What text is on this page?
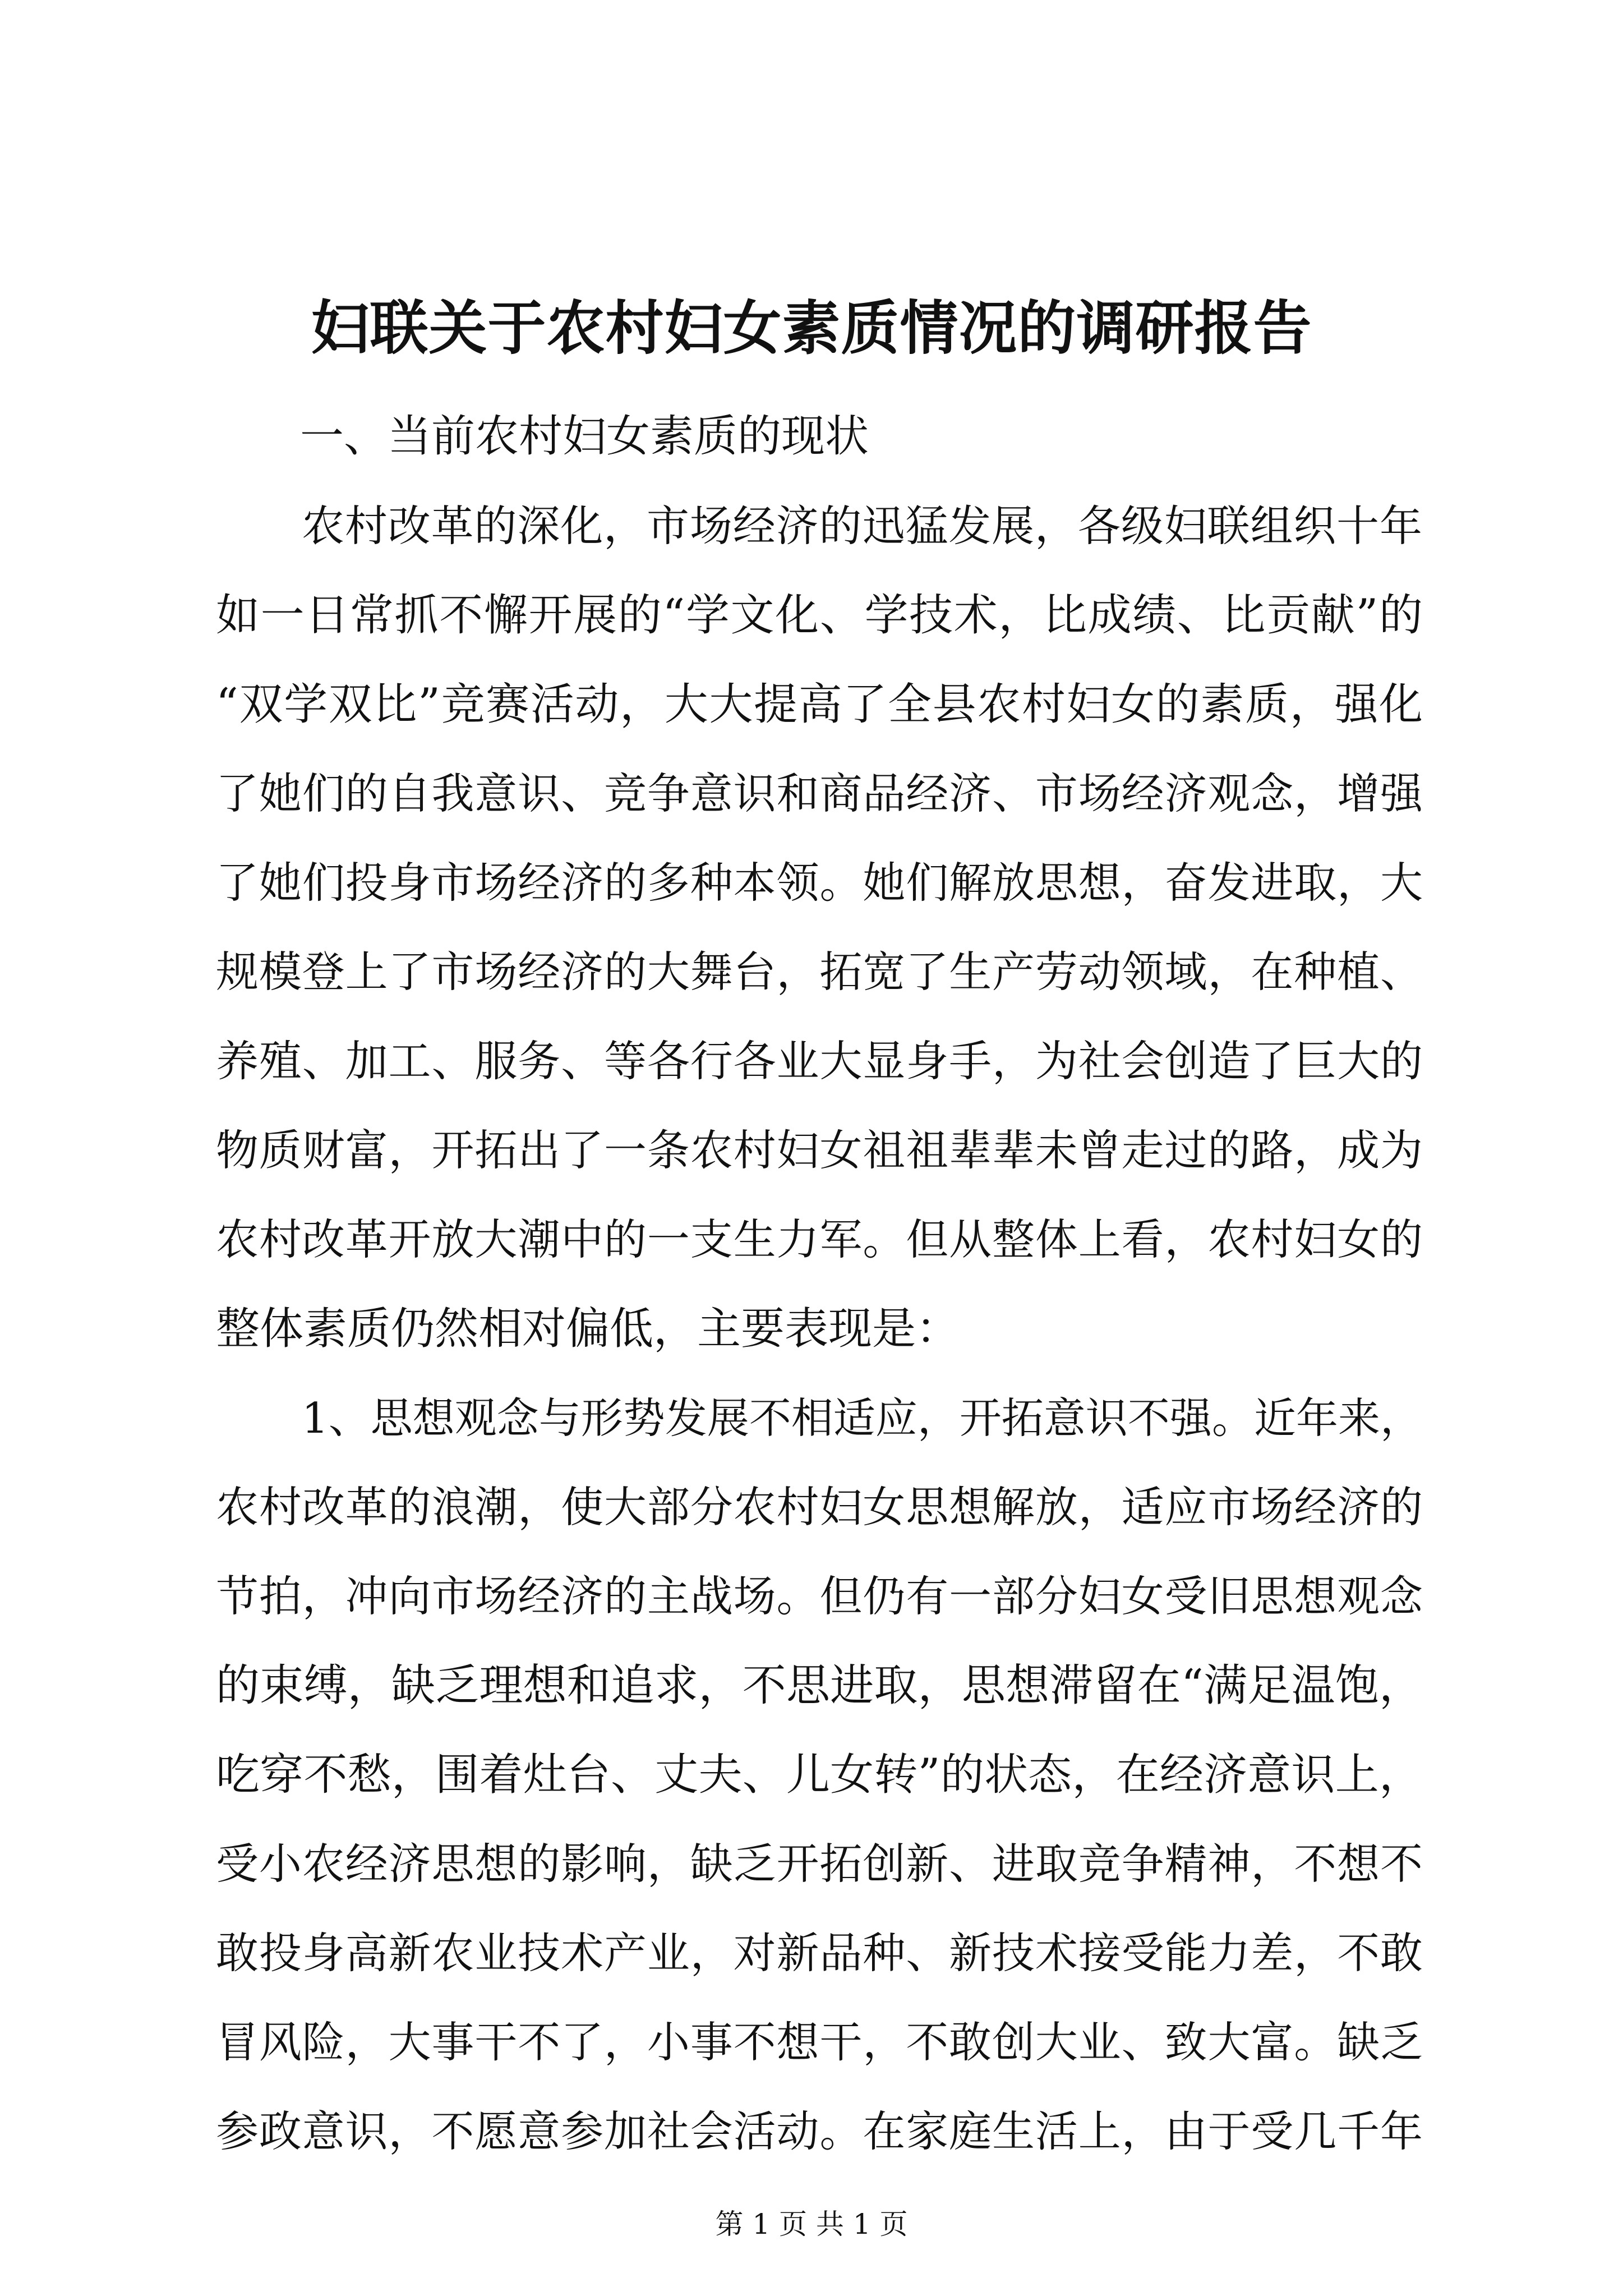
妇联关于农村妇女素质情况的调研报告
一、当前农村妇女素质的现状
农村改革的深化，市场经济的迅猛发展，各级妇联组织十年
如一日常抓不懈开展的“学文化、学技术，比成绩、比贡献”的
“双学双比”竞赛活动，大大提高了全县农村妇女的素质，强化
了她们的自我意识、竞争意识和商品经济、市场经济观念，增强
了她们投身市场经济的多种本领。她们解放思想，奋发进取，大
规模登上了市场经济的大舞台，拓宽了生产劳动领域，在种植、
养殖、加工、服务、等各行各业大显身手，为社会创造了巨大的
物质财富，开拓出了一条农村妇女祖祖辈辈未曾走过的路，成为
农村改革开放大潮中的一支生力军。但从整体上看，农村妇女的
整体素质仍然相对偏低，主要表现是：
1、思想观念与形势发展不相适应，开拓意识不强。近年来，
农村改革的浪潮，使大部分农村妇女思想解放，适应市场经济的
节拍，冲向市场经济的主战场。但仍有一部分妇女受旧思想观念
的束缚，缺乏理想和追求，不思进取，思想滞留在“满足温饱，
吃穿不愁，围着灶台、丈夫、儿女转”的状态，在经济意识上，
受小农经济思想的影响，缺乏开拓创新、进取竞争精神，不想不
敢投身高新农业技术产业，对新品种、新技术接受能力差，不敢
冒风险，大事干不了，小事不想干，不敢创大业、致大富。缺乏
参政意识，不愿意参加社会活动。在家庭生活上，由于受几千年
第 1 页 共 1 页
